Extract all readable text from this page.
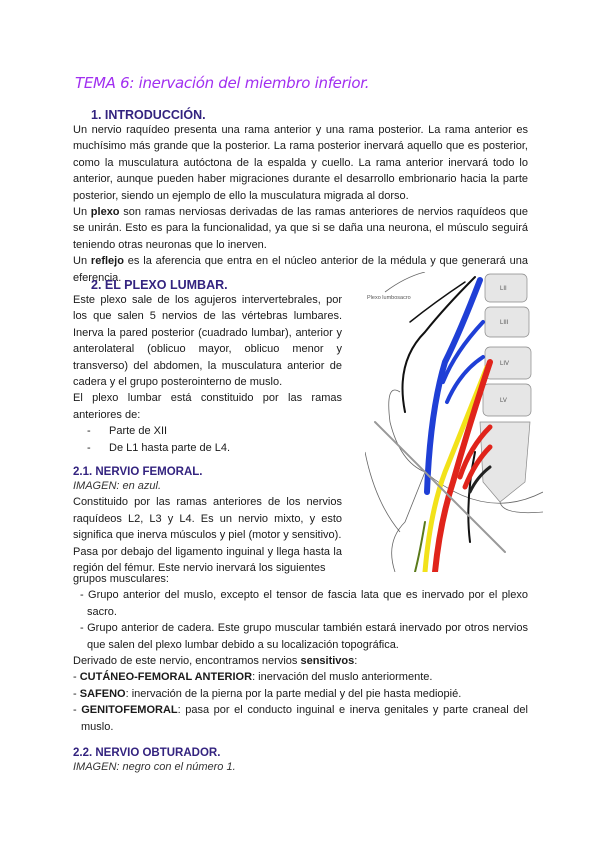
TEMA 6: inervación del miembro inferior.
1. INTRODUCCIÓN.

Un nervio raquídeo presenta una rama anterior y una rama posterior. La rama anterior es muchísimo más grande que la posterior. La rama posterior inervará aquello que es posterior, como la musculatura autóctona de la espalda y cuello. La rama anterior inervará todo lo anterior, aunque pueden haber migraciones durante el desarrollo embrionario hacia la parte posterior, siendo un ejemplo de ello la musculatura migrada al dorso.

Un plexo son ramas nerviosas derivadas de las ramas anteriores de nervios raquídeos que se unirán. Esto es para la funcionalidad, ya que si se daña una neurona, el músculo seguirá teniendo otras neuronas que lo inerven.

Un reflejo es la aferencia que entra en el núcleo anterior de la médula y que generará una eferencia.

2. EL PLEXO LUMBAR.

Este plexo sale de los agujeros intervertebrales, por los que salen 5 nervios de las vértebras lumbares. Inerva la pared posterior (cuadrado lumbar), anterior y anterolateral (oblicuo mayor, oblicuo menor y transverso) del abdomen, la musculatura anterior de cadera y el grupo posterointerno de muslo.

El plexo lumbar está constituido por las ramas anteriores de:

-      Parte de XII

-      De L1 hasta parte de L4.

2.1. NERVIO FEMORAL.

IMAGEN: en azul.

Constituido por las ramas anteriores de los nervios raquídeos L2, L3 y L4. Es un nervio mixto, y esto significa que inerva músculos y piel (motor y sensitivo).

Pasa por debajo del ligamento inguinal y llega hasta la región del fémur. Este nervio inervará los siguientes

grupos musculares:

- Grupo anterior del muslo, excepto el tensor de fascia lata que es inervado por el plexo sacro.

- Grupo anterior de cadera. Este grupo muscular también estará inervado por otros nervios que salen del plexo lumbar debido a su localización topográfica.

Derivado de este nervio, encontramos nervios sensitivos:

- CUTÁNEO-FEMORAL ANTERIOR: inervación del muslo anteriormente.

- SAFENO: inervación de la pierna por la parte medial y del pie hasta mediopié.

- GENITOFEMORAL: pasa por el conducto inguinal e inerva genitales y parte craneal del muslo.

2.2. NERVIO OBTURADOR.

IMAGEN: negro con el número 1.

LII
LIII
LIV
LV
Plexo lumbosacro
